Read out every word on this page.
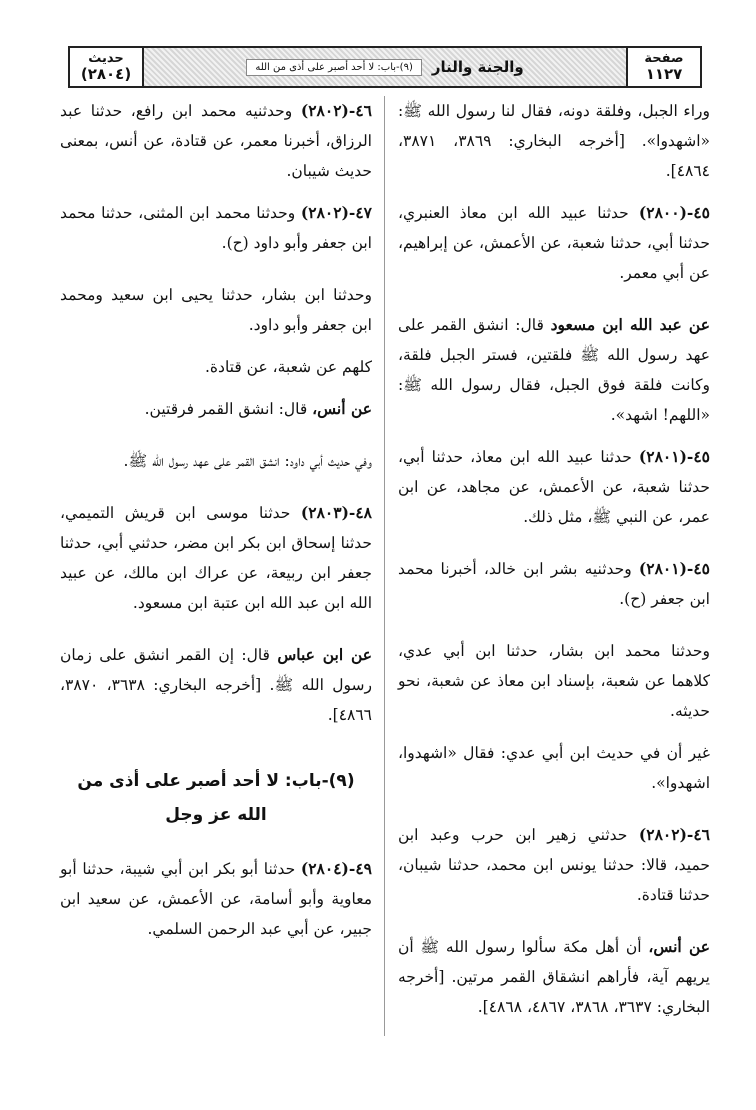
حديث
(٢٨٠٤)	والجنة والنار
(٩)-باب: لا أحد أصبر على أذى من الله
صفحة
١١٢٧

وراء الجبل، وفلقة دونه، فقال لنا رسول الله ﷺ: «اشهدوا». [أخرجه البخاري: ٣٨٦٩، ٣٨٧١، ٤٨٦٤].

٤٥-(٢٨٠٠) حدثنا عبيد الله ابن معاذ العنبري، حدثنا أبي، حدثنا شعبة، عن الأعمش، عن إبراهيم، عن أبي معمر.

عن عبد الله ابن مسعود قال: انشق القمر على عهد رسول الله ﷺ فلقتين، فستر الجبل فلقة، وكانت فلقة فوق الجبل، فقال رسول الله ﷺ: «اللهم! اشهد».

٤٥-(٢٨٠١) حدثنا عبيد الله ابن معاذ، حدثنا أبي، حدثنا شعبة، عن الأعمش، عن مجاهد، عن ابن عمر، عن النبي ﷺ، مثل ذلك.

٤٥-(٢٨٠١) وحدثنيه بشر ابن خالد، أخبرنا محمد ابن جعفر (ح).

وحدثنا محمد ابن بشار، حدثنا ابن أبي عدي، كلاهما عن شعبة، بإسناد ابن معاذ عن شعبة، نحو حديثه.

غير أن في حديث ابن أبي عدي: فقال «اشهدوا، اشهدوا».

٤٦-(٢٨٠٢) حدثني زهير ابن حرب وعبد ابن حميد، قالا: حدثنا يونس ابن محمد، حدثنا شيبان، حدثنا قتادة.

عن أنس، أن أهل مكة سألوا رسول الله ﷺ أن يريهم آية، فأراهم انشقاق القمر مرتين. [أخرجه البخاري: ٣٦٣٧، ٣٨٦٨، ٤٨٦٧، ٤٨٦٨].

٤٦-(٢٨٠٢) وحدثنيه محمد ابن رافع، حدثنا عبد الرزاق، أخبرنا معمر، عن قتادة، عن أنس، بمعنى حديث شيبان.

٤٧-(٢٨٠٢) وحدثنا محمد ابن المثنى، حدثنا محمد ابن جعفر وأبو داود (ح).

وحدثنا ابن بشار، حدثنا يحيى ابن سعيد ومحمد ابن جعفر وأبو داود.

كلهم عن شعبة، عن قتادة.

عن أنس، قال: انشق القمر فرقتين.

وفي حديث أبي داود: انشق القمر على عهد رسول الله ﷺ.

٤٨-(٢٨٠٣) حدثنا موسى ابن قريش التميمي، حدثنا إسحاق ابن بكر ابن مضر، حدثني أبي، حدثنا جعفر ابن ربيعة، عن عراك ابن مالك، عن عبيد الله ابن عبد الله ابن عتبة ابن مسعود.

عن ابن عباس قال: إن القمر انشق على زمان رسول الله ﷺ. [أخرجه البخاري: ٣٦٣٨، ٣٨٧٠، ٤٨٦٦].

(٩)-باب: لا أحد أصبر على أذى من الله عز وجل

٤٩-(٢٨٠٤) حدثنا أبو بكر ابن أبي شيبة، حدثنا أبو معاوية وأبو أسامة، عن الأعمش، عن سعيد ابن جبير، عن أبي عبد الرحمن السلمي.
